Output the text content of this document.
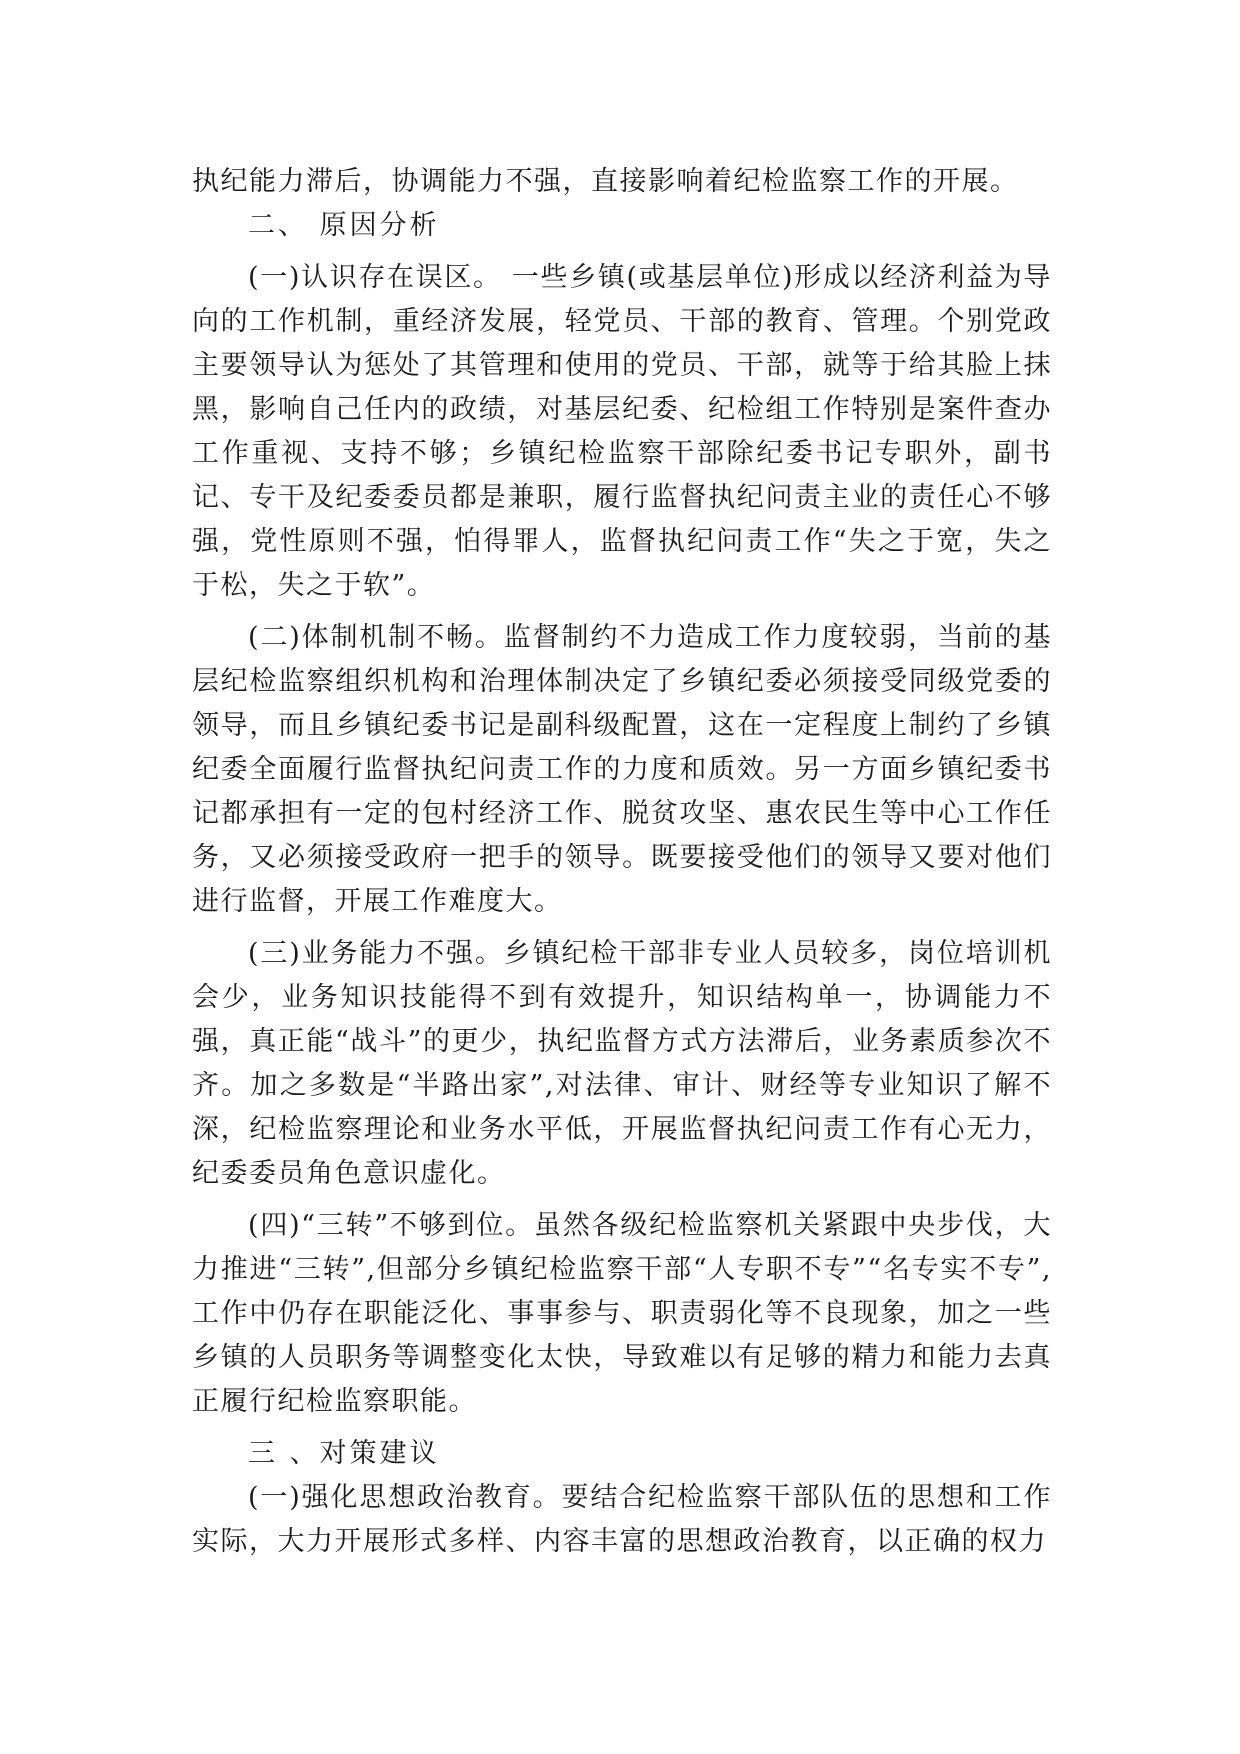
执纪能力滞后，协调能力不强，直接影响着纪检监察工作的开展。

二、 原因分析

(一)认识存在误区。 一些乡镇(或基层单位)形成以经济利益为导向的工作机制，重经济发展，轻党员、干部的教育、管理。个别党政主要领导认为惩处了其管理和使用的党员、干部，就等于给其脸上抹黑，影响自己任内的政绩，对基层纪委、纪检组工作特别是案件查办工作重视、支持不够；乡镇纪检监察干部除纪委书记专职外，副书记、专干及纪委委员都是兼职，履行监督执纪问责主业的责任心不够强，党性原则不强，怕得罪人，监督执纪问责工作“失之于宽，失之于松，失之于软”。

(二)体制机制不畅。监督制约不力造成工作力度较弱，当前的基层纪检监察组织机构和治理体制决定了乡镇纪委必须接受同级党委的领导，而且乡镇纪委书记是副科级配置，这在一定程度上制约了乡镇纪委全面履行监督执纪问责工作的力度和质效。另一方面乡镇纪委书记都承担有一定的包村经济工作、脱贫攻坚、惠农民生等中心工作任务，又必须接受政府一把手的领导。既要接受他们的领导又要对他们进行监督，开展工作难度大。

(三)业务能力不强。乡镇纪检干部非专业人员较多，岗位培训机会少，业务知识技能得不到有效提升，知识结构单一，协调能力不强，真正能“战斗”的更少，执纪监督方式方法滞后，业务素质参次不齐。加之多数是“半路出家”,对法律、审计、财经等专业知识了解不深，纪检监察理论和业务水平低，开展监督执纪问责工作有心无力，纪委委员角色意识虚化。

(四)“三转”不够到位。虽然各级纪检监察机关紧跟中央步伐，大力推进“三转”,但部分乡镇纪检监察干部“人专职不专”“名专实不专”,工作中仍存在职能泛化、事事参与、职责弱化等不良现象，加之一些乡镇的人员职务等调整变化太快，导致难以有足够的精力和能力去真正履行纪检监察职能。

三 、对策建议

(一)强化思想政治教育。要结合纪检监察干部队伍的思想和工作实际，大力开展形式多样、内容丰富的思想政治教育，以正确的权力
